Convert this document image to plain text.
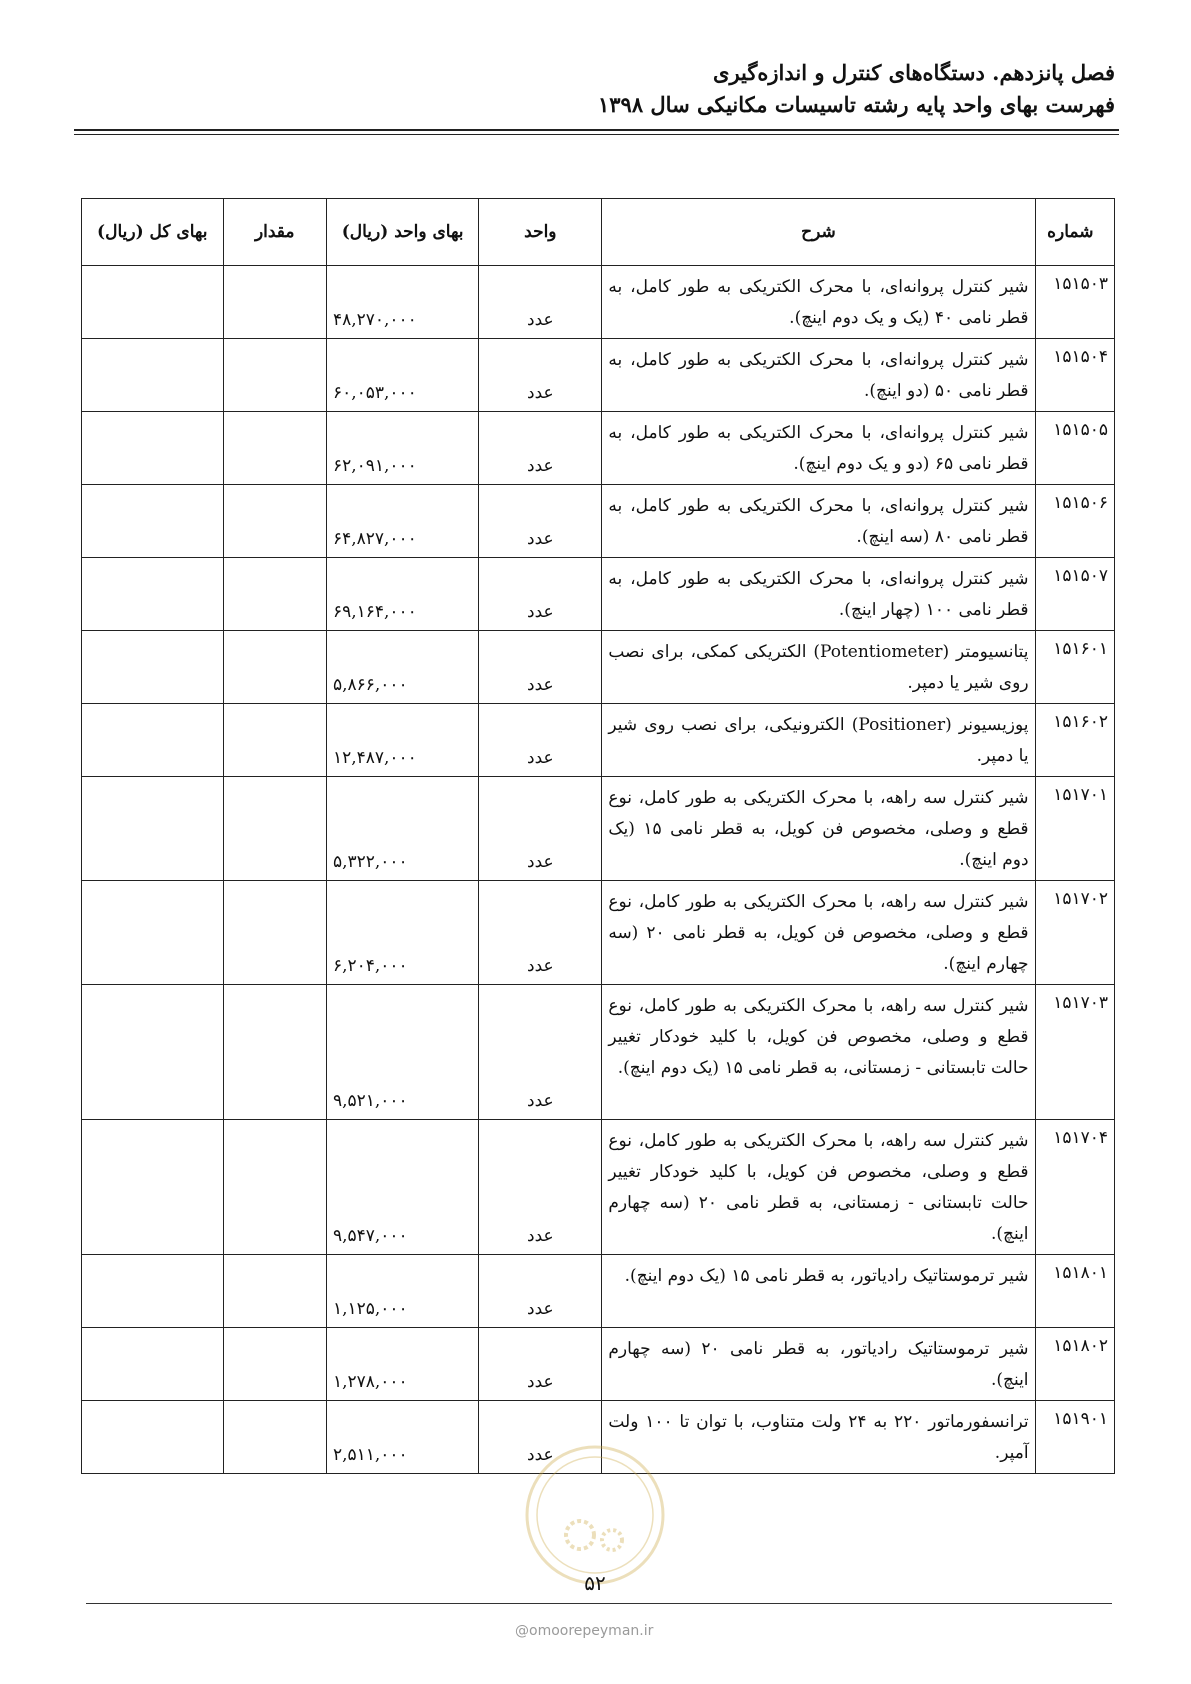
فصل پانزدهم. دستگاه‌های کنترل و اندازه‌گیری
فهرست بهای واحد پایه رشته تاسیسات مکانیکی سال ۱۳۹۸
شماره	شرح	واحد	بهای واحد (ریال)	مقدار	بهای کل (ریال)
۱۵۱۵۰۳	شیر کنترل پروانه‌ای، با محرک الکتریکی به طور کامل، به قطر نامی ۴۰ (یک و یک دوم اینچ).	عدد	۴۸,۲۷۰,۰۰۰		
۱۵۱۵۰۴	شیر کنترل پروانه‌ای، با محرک الکتریکی به طور کامل، به قطر نامی ۵۰ (دو اینچ).	عدد	۶۰,۰۵۳,۰۰۰		
۱۵۱۵۰۵	شیر کنترل پروانه‌ای، با محرک الکتریکی به طور کامل، به قطر نامی ۶۵ (دو و یک دوم اینچ).	عدد	۶۲,۰۹۱,۰۰۰		
۱۵۱۵۰۶	شیر کنترل پروانه‌ای، با محرک الکتریکی به طور کامل، به قطر نامی ۸۰ (سه اینچ).	عدد	۶۴,۸۲۷,۰۰۰		
۱۵۱۵۰۷	شیر کنترل پروانه‌ای، با محرک الکتریکی به طور کامل، به قطر نامی ۱۰۰ (چهار اینچ).	عدد	۶۹,۱۶۴,۰۰۰		
۱۵۱۶۰۱	پتانسیومتر (Potentiometer) الکتریکی کمکی، برای نصب روی شیر یا دمپر.	عدد	۵,۸۶۶,۰۰۰		
۱۵۱۶۰۲	پوزیسیونر (Positioner) الکترونیکی، برای نصب روی شیر یا دمپر.	عدد	۱۲,۴۸۷,۰۰۰		
۱۵۱۷۰۱	شیر کنترل سه راهه، با محرک الکتریکی به طور کامل، نوع قطع و وصلی، مخصوص فن کویل، به قطر نامی ۱۵ (یک دوم اینچ).	عدد	۵,۳۲۲,۰۰۰		
۱۵۱۷۰۲	شیر کنترل سه راهه، با محرک الکتریکی به طور کامل، نوع قطع و وصلی، مخصوص فن کویل، به قطر نامی ۲۰ (سه چهارم اینچ).	عدد	۶,۲۰۴,۰۰۰		
۱۵۱۷۰۳	شیر کنترل سه راهه، با محرک الکتریکی به طور کامل، نوع قطع و وصلی، مخصوص فن کویل، با کلید خودکار تغییر حالت تابستانی - زمستانی، به قطر نامی ۱۵ (یک دوم اینچ).	عدد	۹,۵۲۱,۰۰۰		
۱۵۱۷۰۴	شیر کنترل سه راهه، با محرک الکتریکی به طور کامل، نوع قطع و وصلی، مخصوص فن کویل، با کلید خودکار تغییر حالت تابستانی - زمستانی، به قطر نامی ۲۰ (سه چهارم اینچ).	عدد	۹,۵۴۷,۰۰۰		
۱۵۱۸۰۱	شیر ترموستاتیک رادیاتور، به قطر نامی ۱۵ (یک دوم اینچ).	عدد	۱,۱۲۵,۰۰۰		
۱۵۱۸۰۲	شیر ترموستاتیک رادیاتور، به قطر نامی ۲۰ (سه چهارم اینچ).	عدد	۱,۲۷۸,۰۰۰		
۱۵۱۹۰۱	ترانسفورماتور ۲۲۰ به ۲۴ ولت متناوب، با توان تا ۱۰۰ ولت آمپر.	عدد	۲,۵۱۱,۰۰۰		
۵۲
@omoorepeyman.ir
